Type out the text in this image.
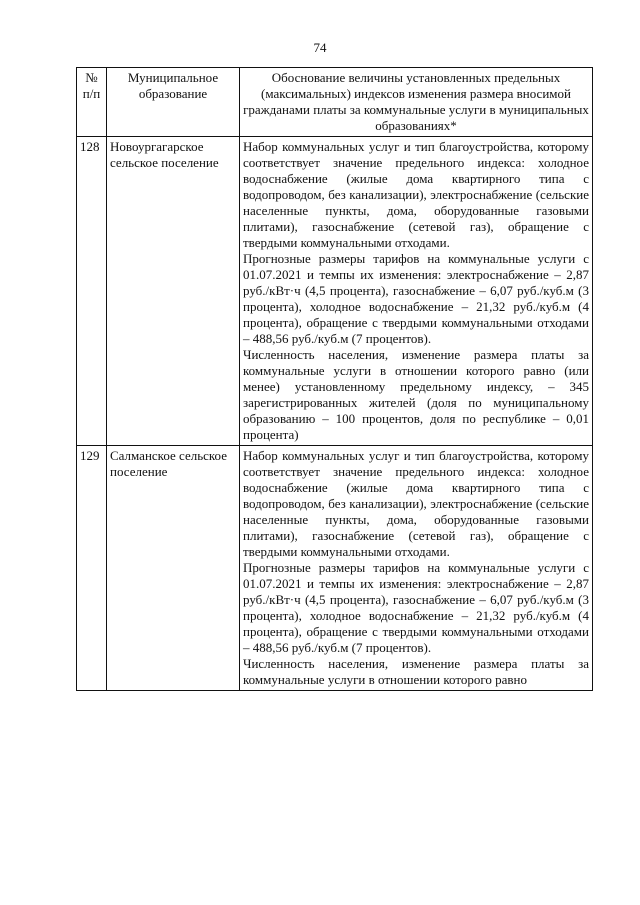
74
№ п/п	Муниципальное образование	Обоснование величины установленных предельных (максимальных) индексов изменения размера вносимой гражданами платы за коммунальные услуги в муниципальных образованиях*
128	Новоургагарское сельское поселение	Набор коммунальных услуг и тип благоустройства, которому соответствует значение предельного индекса: холодное водоснабжение (жилые дома квартирного типа с водопроводом, без канализации), электроснабжение (сельские населенные пункты, дома, оборудованные газовыми плитами), газоснабжение (сетевой газ), обращение с твердыми коммунальными отходами.

Прогнозные размеры тарифов на коммунальные услуги с 01.07.2021 и темпы их изменения: электроснабжение – 2,87 руб./кВт·ч (4,5 процента), газоснабжение – 6,07 руб./куб.м (3 процента), холодное водоснабжение – 21,32 руб./куб.м (4 процента), обращение с твердыми коммунальными отходами – 488,56 руб./куб.м (7 процентов).

Численность населения, изменение размера платы за коммунальные услуги в отношении которого равно (или менее) установленному предельному индексу, – 345 зарегистрированных жителей (доля по муниципальному образованию – 100 процентов, доля по республике – 0,01 процента)

129	Салманское сельское поселение	Набор коммунальных услуг и тип благоустройства, которому соответствует значение предельного индекса: холодное водоснабжение (жилые дома квартирного типа с водопроводом, без канализации), электроснабжение (сельские населенные пункты, дома, оборудованные газовыми плитами), газоснабжение (сетевой газ), обращение с твердыми коммунальными отходами.

Прогнозные размеры тарифов на коммунальные услуги с 01.07.2021 и темпы их изменения: электроснабжение – 2,87 руб./кВт·ч (4,5 процента), газоснабжение – 6,07 руб./куб.м (3 процента), холодное водоснабжение – 21,32 руб./куб.м (4 процента), обращение с твердыми коммунальными отходами – 488,56 руб./куб.м (7 процентов).

Численность населения, изменение размера платы за коммунальные услуги в отношении которого равно
